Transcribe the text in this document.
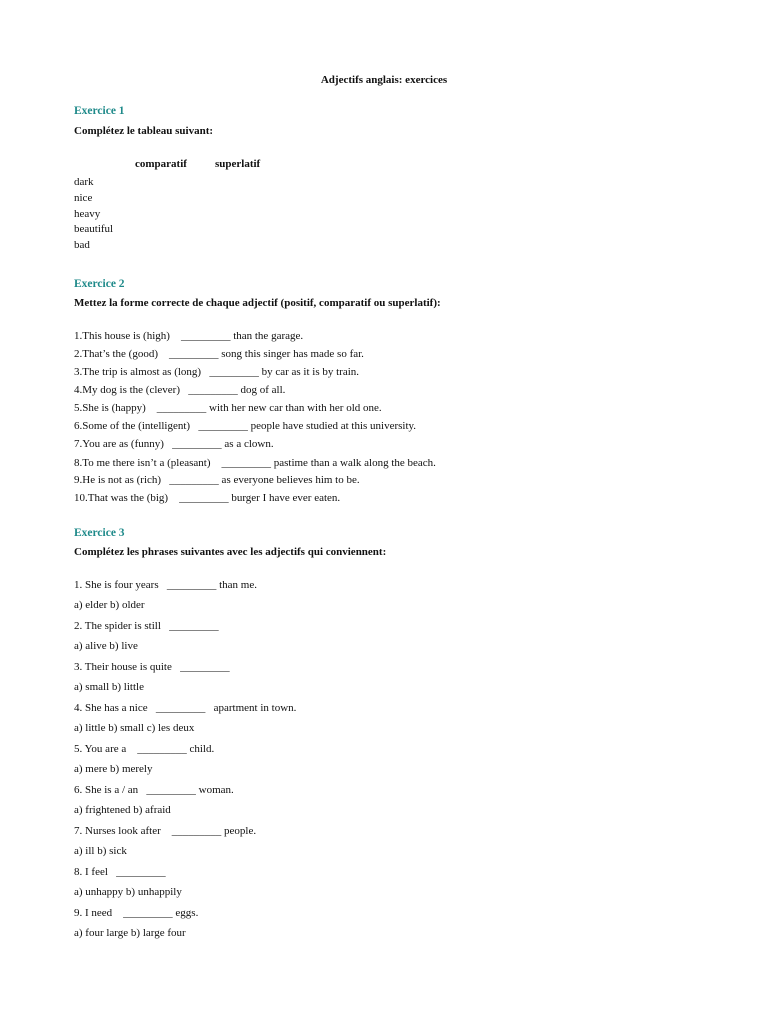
Adjectifs anglais: exercices
Exercice 1
Complétez le tableau suivant:
comparatif	superlatif
dark
nice
heavy
beautiful
bad
Exercice 2
Mettez la forme correcte de chaque adjectif (positif, comparatif ou superlatif):
1.This house is (high)    _________ than the garage.
2.That’s the (good)    _________ song this singer has made so far.
3.The trip is almost as (long)   _________ by car as it is by train.
4.My dog is the (clever)   _________ dog of all.
5.She is (happy)    _________ with her new car than with her old one.
6.Some of the (intelligent)   _________ people have studied at this university.
7.You are as (funny)   _________ as a clown.
8.To me there isn’t a (pleasant)    _________ pastime than a walk along the beach.
9.He is not as (rich)   _________ as everyone believes him to be.
10.That was the (big)    _________ burger I have ever eaten.
Exercice 3
Complétez les phrases suivantes avec les adjectifs qui conviennent:
1. She is four years   _________ than me.
a) elder b) older
2. The spider is still   _________
a) alive b) live
3. Their house is quite   _________
a) small b) little
4. She has a nice   _________   apartment in town.
a) little b) small c) les deux
5. You are a    _________ child.
a) mere b) merely
6. She is a / an   _________ woman.
a) frightened b) afraid
7. Nurses look after    _________ people.
a) ill b) sick
8. I feel   _________
a) unhappy b) unhappily
9. I need    _________ eggs.
a) four large b) large four
